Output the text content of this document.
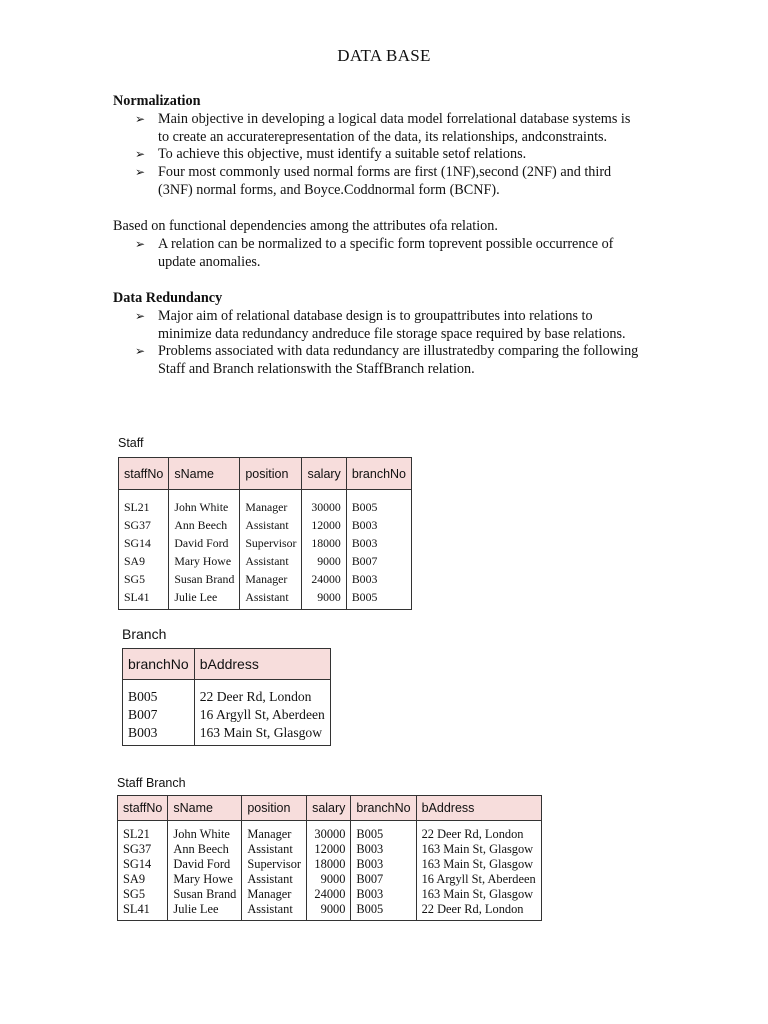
DATA BASE
Normalization
➢ Main objective in developing a logical data model forrelational database systems is
to create an accuraterepresentation of the data, its relationships, andconstraints.
➢ To achieve this objective, must identify a suitable setof relations.
➢ Four most commonly used normal forms are first (1NF),second (2NF) and third
(3NF) normal forms, and Boyce.Coddnormal form (BCNF).

Based on functional dependencies among the attributes ofa relation.

➢ A relation can be normalized to a specific form toprevent possible occurrence of
update anomalies.
Data Redundancy
➢ Major aim of relational database design is to groupattributes into relations to
minimize data redundancy andreduce file storage space required by base relations.
➢ Problems associated with data redundancy are illustratedby comparing the following
Staff and Branch relationswith the StaffBranch relation.
Staff
staffNo	sName	position	salary	branchNo
SL21	John White	Manager	30000	B005
SG37	Ann Beech	Assistant	12000	B003
SG14	David Ford	Supervisor	18000	B003
SA9	Mary Howe	Assistant	9000	B007
SG5	Susan Brand	Manager	24000	B003
SL41	Julie Lee	Assistant	9000	B005
Branch
branchNo	bAddress
B005	22 Deer Rd, London
B007	16 Argyll St, Aberdeen
B003	163 Main St, Glasgow
Staff Branch
staffNo	sName	position	salary	branchNo	bAddress
SL21	John White	Manager	30000	B005	22 Deer Rd, London
SG37	Ann Beech	Assistant	12000	B003	163 Main St, Glasgow
SG14	David Ford	Supervisor	18000	B003	163 Main St, Glasgow
SA9	Mary Howe	Assistant	9000	B007	16 Argyll St, Aberdeen
SG5	Susan Brand	Manager	24000	B003	163 Main St, Glasgow
SL41	Julie Lee	Assistant	9000	B005	22 Deer Rd, London
